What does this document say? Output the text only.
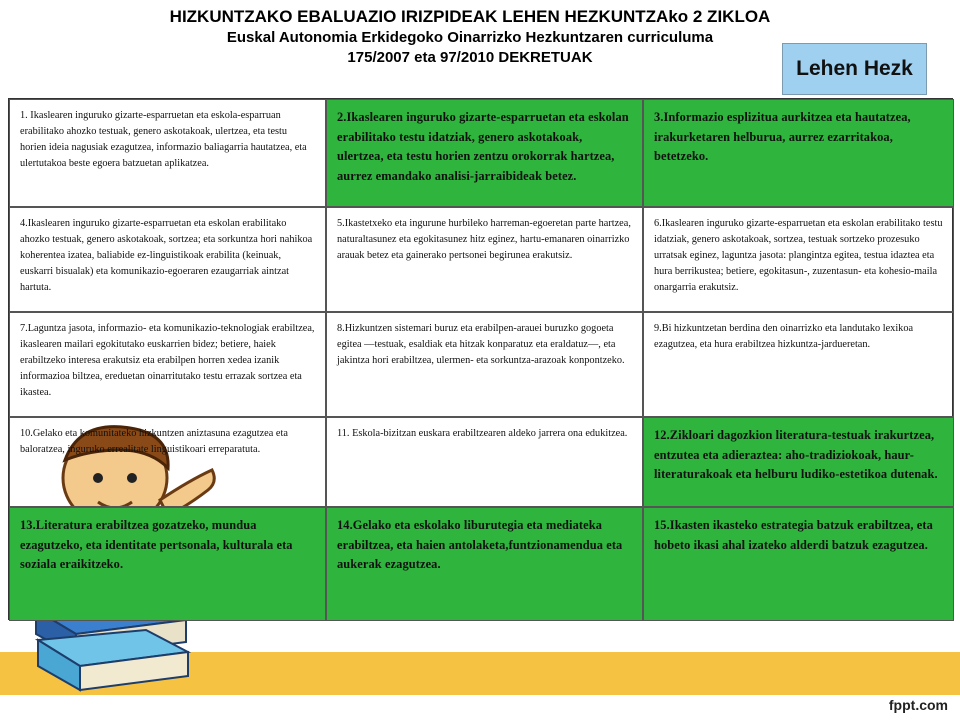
HIZKUNTZAKO EBALUAZIO IRIZPIDEAK LEHEN HEZKUNTZAko 2 ZIKLOA
Euskal Autonomia Erkidegoko Oinarrizko Hezkuntzaren curriculuma
175/2007 eta 97/2010 DEKRETUAK	Lehen Hezk
1. Ikaslearen inguruko gizarte-esparruetan eta eskola-esparruan erabilitako ahozko testuak, genero askotakoak, ulertzea, eta testu horien ideia nagusiak ezagutzea, informazio baliagarria hautatzea, eta ulertutakoa beste egoera batzuetan aplikatzea.
2.Ikaslearen inguruko gizarte-esparruetan eta eskolan erabilitako testu idatziak, genero askotakoak, ulertzea, eta testu horien zentzu orokorrak hartzea, aurrez emandako analisi-jarraibideak betez.
3.Informazio esplizitua aurkitzea eta hautatzea, irakurketaren helburua, aurrez ezarritakoa, betetzeko.
4.Ikaslearen inguruko gizarte-esparruetan eta eskolan erabilitako ahozko testuak, genero askotakoak, sortzea; eta sorkuntza hori nahikoa koherentea izatea, baliabide ez-linguistikoak erabilita (keinuak, euskarri bisualak) eta komunikazio-egoeraren ezaugarriak aintzat hartuta.
5.Ikastetxeko eta ingurune hurbileko harreman-egoeretan parte hartzea, naturaltasunez eta egokitasunez hitz eginez, hartu-emanaren oinarrizko arauak betez eta gainerako pertsonei begirunea erakutsiz.
6.Ikaslearen inguruko gizarte-esparruetan eta eskolan erabilitako testu idatziak, genero askotakoak, sortzea, testuak sortzeko prozesuko urratsak eginez, laguntza jasota: plangintza egitea, testua idaztea eta hura berrikustea; betiere, egokitasun-, zuzentasun- eta kohesio-maila onargarria erakutsiz.
7.Laguntza jasota, informazio- eta komunikazio-teknologiak erabiltzea, ikaslearen mailari egokitutako euskarrien bidez; betiere, haiek erabiltzeko interesa erakutsiz eta erabilpen horren xedea izanik informazioa biltzea, ereduetan oinarritutako testu errazak sortzea eta ikastea.
8.Hizkuntzen sistemari buruz eta erabilpen-arauei buruzko gogoeta egitea —testuak, esaldiak eta hitzak konparatuz eta eraldatuz—, eta jakintza hori erabiltzea, ulermen- eta sorkuntza-arazoak konpontzeko.
9.Bi hizkuntzetan berdina den oinarrizko eta landutako lexikoa ezagutzea, eta hura erabiltzea hizkuntza-jardueretan.
10.Gelako eta komunitateko hizkuntzen aniztasuna ezagutzea eta baloratzea, inguruko errealitate linguistikoari erreparatuta.
11. Eskola-bizitzan euskara erabiltzearen aldeko jarrera ona edukitzea.	12.Zikloari dagozkion literatura-testuak irakurtzea, entzutea eta adieraztea: aho-tradiziokoak, haur-literaturakoak eta helburu ludiko-estetikoa dutenak.
13.Literatura erabiltzea gozatzeko, mundua ezagutzeko, eta identitate pertsonala, kulturala eta soziala eraikitzeko.
14.Gelako eta eskolako liburutegia eta mediateka erabiltzea, eta haien antolaketa,funtzionamendua eta aukerak ezagutzea.
15.Ikasten ikasteko estrategia batzuk erabiltzea, eta hobeto ikasi ahal izateko alderdi batzuk ezagutzea.
fppt.com
